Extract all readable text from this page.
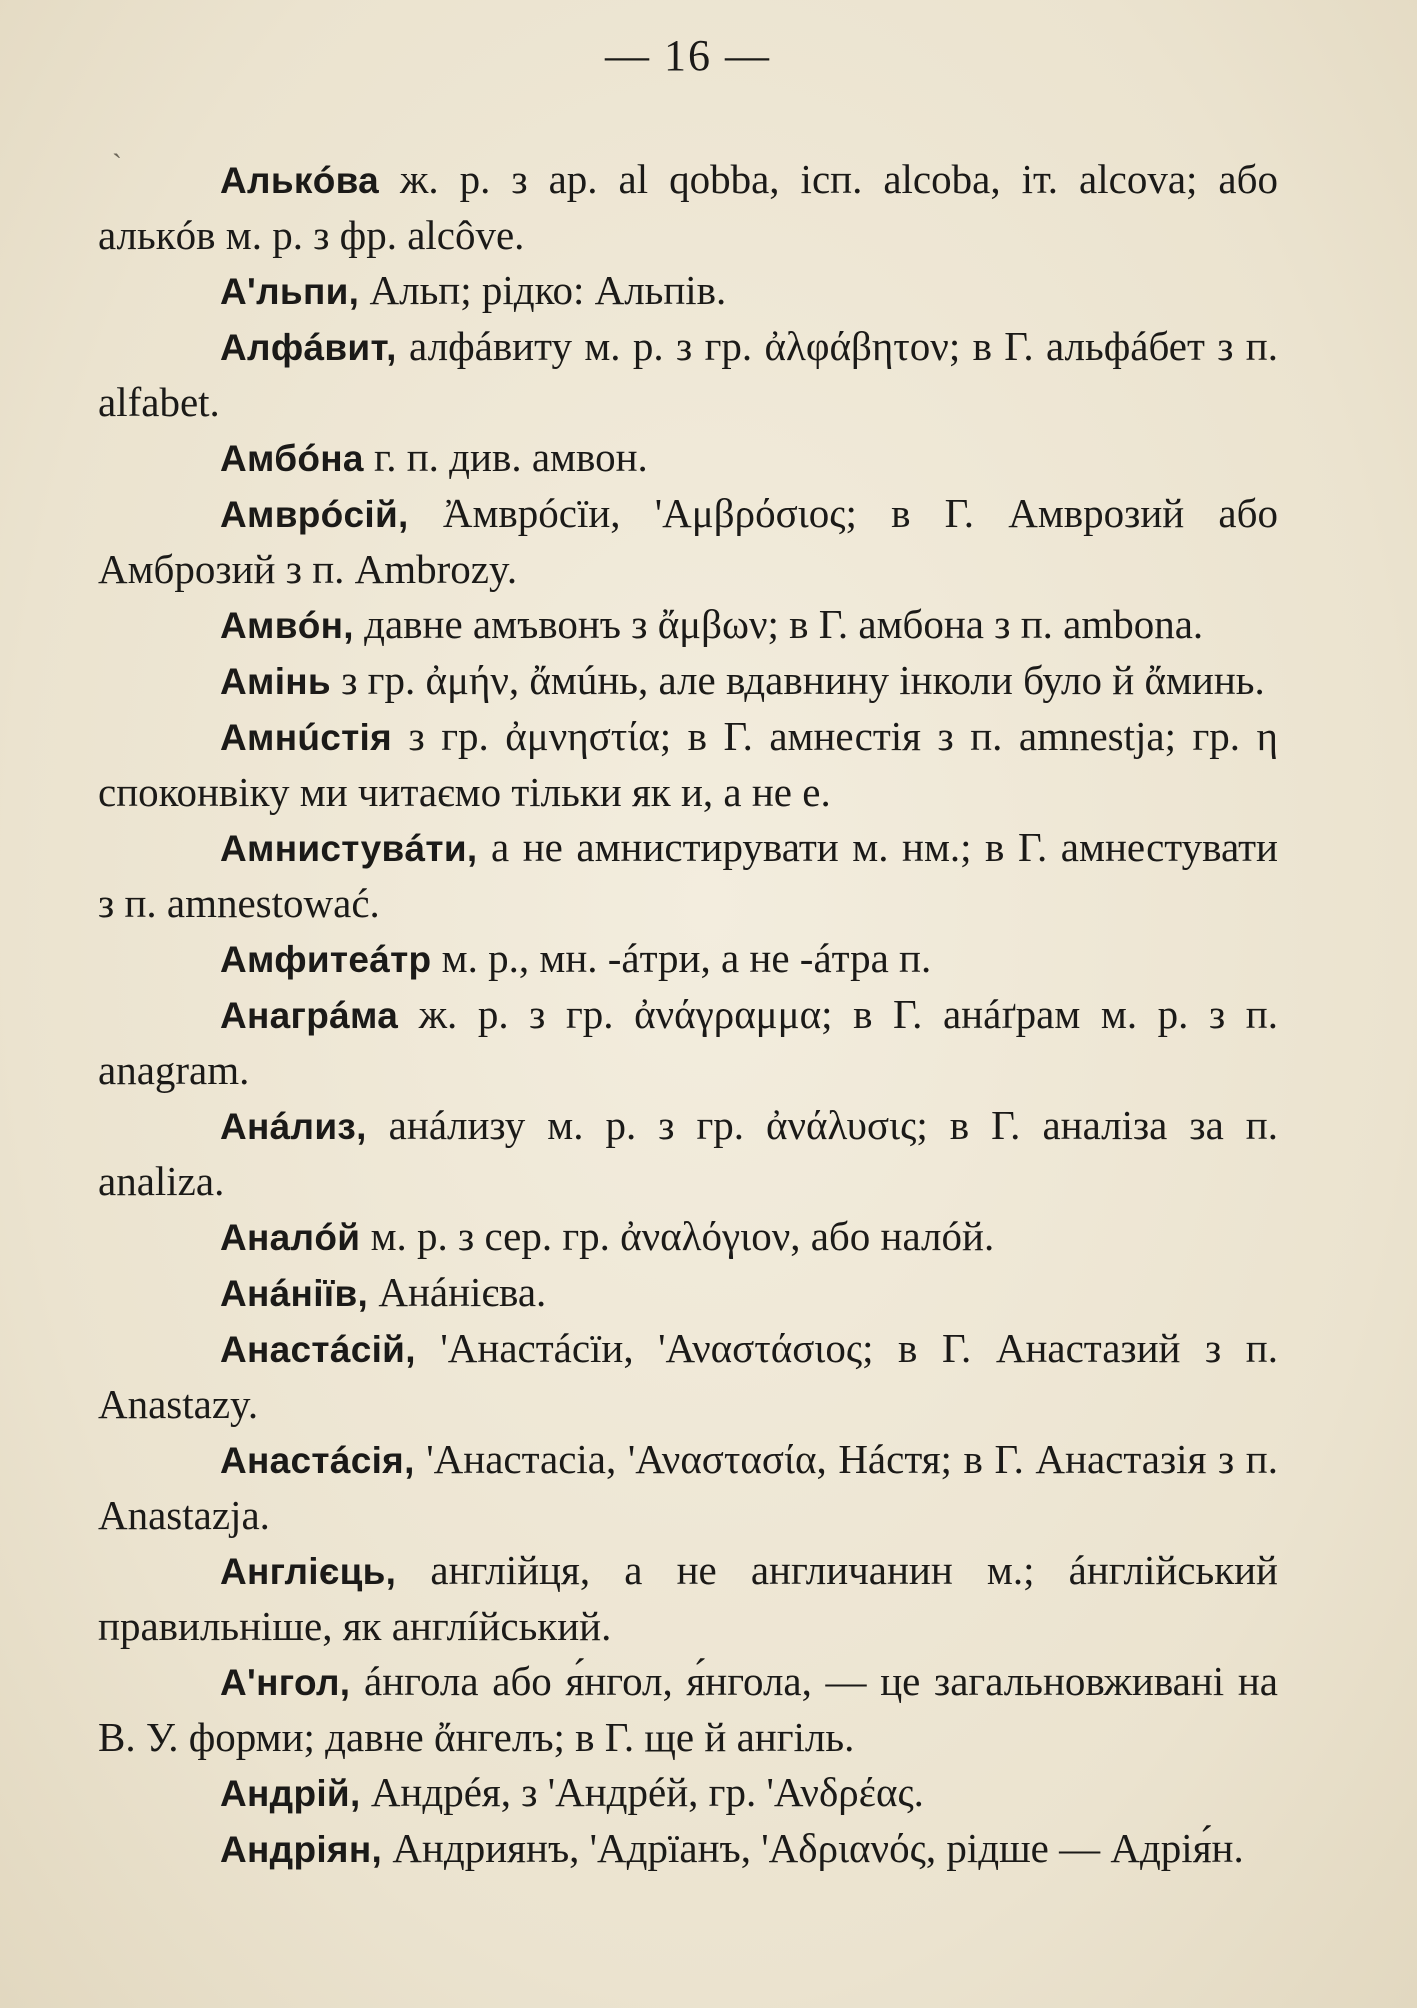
— 16 —

Алькóва ж. р. з ар. al qobba, ісп. alcoba, іт. alcova; або алькóв м. р. з фр. alcôve.

А'льпи, Альп; рідко: Альпів.

Алфáвит, алфáвиту м. р. з гр. ἀλφάβητον; в Г. альфáбет з п. alfabet.

Амбóна г. п. див. амвон.

Амврóсій, Ἀмврóсїи, 'Αμβρόσιος; в Г. Амврозий або Амброзий з п. Ambrozy.

Амвóн, давне амъвонъ з ἄμβων; в Г. амбона з п. ambona.

Амінь з гр. ἀμήν, ἄмúнь, але вдавнину інколи було й ἄминь.

Амнúстія з гр. ἀμνηστία; в Г. амнестія з п. amnestja; гр. η споконвіку ми читаємо тільки як и, а не е.

Амнистувáти, а не амнистирувати м. нм.; в Г. амнестувати з п. amnestować.

Амфитеáтр м. р., мн. -áтри, а не -áтра п.

Анагрáма ж. р. з гр. ἀνάγραμμα; в Г. анáґрам м. р. з п. anagram.

Анáлиз, анáлизу м. р. з гр. ἀνάλυσις; в Г. аналіза за п. analiza.

Аналóй м. р. з сер. гр. ἀναλόγιον, або налóй.

Анáніїв, Анáнієва.

Анастáсій, 'Анастáсїи, 'Αναστάσιος; в Г. Анастазий з п. Anastazy.

Анастáсія, 'Анастасіа, 'Αναστασία, Нáстя; в Г. Анастазія з п. Anastazja.

Англієць, англійця, а не англичанин м.; áнглійський правильніше, як англíйський.

А'нгол, áнгола або я́нгол, я́нгола, — це загальновживані на В. У. форми; давне ἄнгелъ; в Г. ще й ангіль.

Андрій, Андрéя, з 'Андрéй, гр. 'Ανδρέας.

Андріян, Андриянъ, 'Адрïанъ, 'Αδριανός, рідше — Адрія́н.

`
